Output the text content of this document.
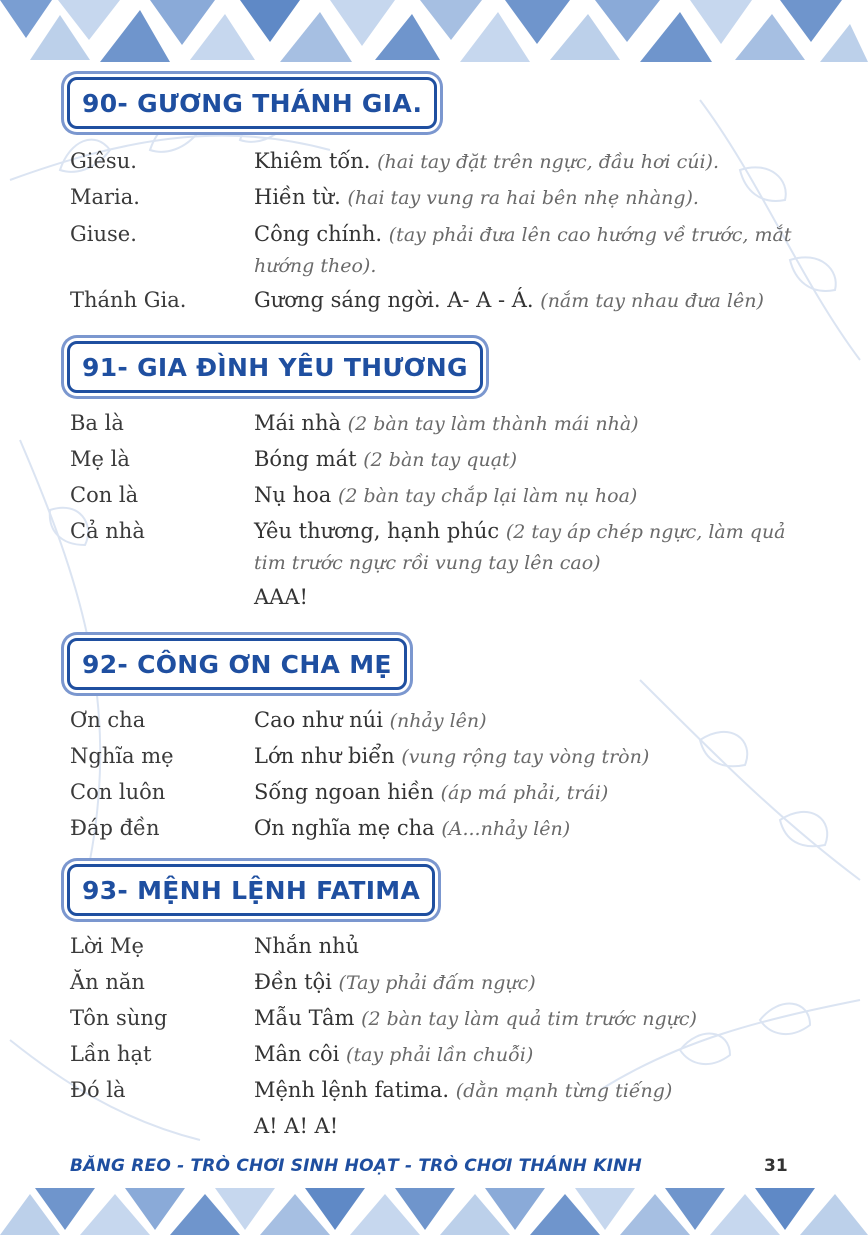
90- GƯƠNG THÁNH GIA.
Giêsu.	Khiêm tốn. (hai tay đặt trên ngực, đầu hơi cúi).
Maria.	Hiền từ. (hai tay vung ra hai bên nhẹ nhàng).
Giuse.	Công chính. (tay phải đưa lên cao hướng về trước, mắt hướng theo).
Thánh Gia.	Gương sáng ngời. A- A - Á. (nắm tay nhau đưa lên)
91- GIA ĐÌNH YÊU THƯƠNG
Ba là	Mái nhà (2 bàn tay làm thành mái nhà)
Mẹ là	Bóng mát (2 bàn tay quạt)
Con là	Nụ hoa (2 bàn tay chắp lại làm nụ hoa)
Cả nhà	Yêu thương, hạnh phúc (2 tay áp chép ngực, làm quả tim trước ngực rồi vung tay lên cao)
AAA!
92- CÔNG ƠN CHA MẸ
Ơn cha	Cao như núi (nhảy lên)
Nghĩa mẹ	Lớn như biển (vung rộng tay vòng tròn)
Con luôn	Sống ngoan hiền (áp má phải, trái)
Đáp đền	Ơn nghĩa mẹ cha (A...nhảy lên)
93- MỆNH LỆNH FATIMA
Lời Mẹ	Nhắn nhủ
Ăn năn	Đền tội (Tay phải đấm ngực)
Tôn sùng	Mẫu Tâm (2 bàn tay làm quả tim trước ngực)
Lần hạt	Mân côi (tay phải lần chuỗi)
Đó là	Mệnh lệnh fatima. (dằn mạnh từng tiếng)
A! A! A!
BĂNG REO - TRÒ CHƠI SINH HOẠT - TRÒ CHƠI THÁNH KINH	31
